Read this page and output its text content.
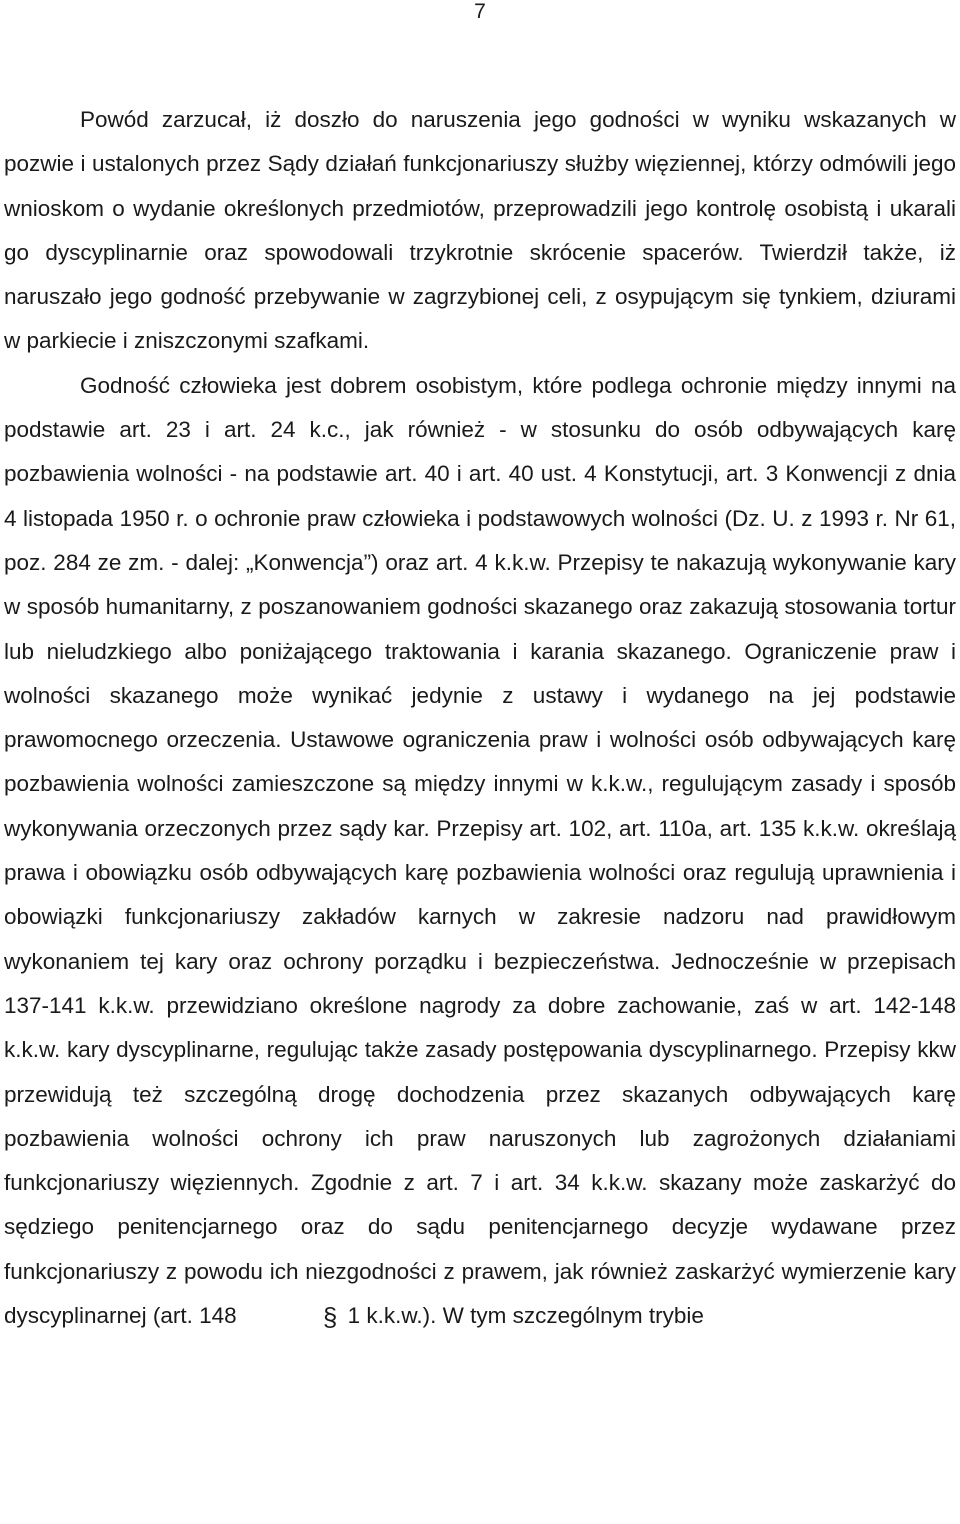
7

Powód zarzucał, iż doszło do naruszenia jego godności w wyniku wskazanych w pozwie i ustalonych przez Sądy działań funkcjonariuszy służby więziennej, którzy odmówili jego wnioskom o wydanie określonych przedmiotów, przeprowadzili jego kontrolę osobistą i ukarali go dyscyplinarnie oraz spowodowali trzykrotnie skrócenie spacerów. Twierdził także, iż naruszało jego godność przebywanie w zagrzybionej celi, z osypującym się tynkiem, dziurami w parkiecie i zniszczonymi szafkami.

Godność człowieka jest dobrem osobistym, które podlega ochronie między innymi na podstawie art. 23 i art. 24 k.c., jak również - w stosunku do osób odbywających karę pozbawienia wolności - na podstawie art. 40 i art. 40 ust. 4 Konstytucji, art. 3 Konwencji z dnia 4 listopada 1950 r. o ochronie praw człowieka i podstawowych wolności (Dz. U. z 1993 r. Nr 61, poz. 284 ze zm. - dalej: „Konwencja”) oraz art. 4 k.k.w. Przepisy te nakazują wykonywanie kary w sposób humanitarny, z poszanowaniem godności skazanego oraz zakazują stosowania tortur lub nieludzkiego albo poniżającego traktowania i karania skazanego. Ograniczenie praw i wolności skazanego może wynikać jedynie z ustawy i wydanego na jej podstawie prawomocnego orzeczenia. Ustawowe ograniczenia praw i wolności osób odbywających karę pozbawienia wolności zamieszczone są między innymi w k.k.w., regulującym zasady i sposób wykonywania orzeczonych przez sądy kar. Przepisy art. 102, art. 110a, art. 135 k.k.w. określają prawa i obowiązku osób odbywających karę pozbawienia wolności oraz regulują uprawnienia i obowiązki funkcjonariuszy zakładów karnych w zakresie nadzoru nad prawidłowym wykonaniem tej kary oraz ochrony porządku i bezpieczeństwa. Jednocześnie w przepisach 137-141 k.k.w. przewidziano określone nagrody za dobre zachowanie, zaś w art. 142-148 k.k.w. kary dyscyplinarne, regulując także zasady postępowania dyscyplinarnego. Przepisy kkw przewidują też szczególną drogę dochodzenia przez skazanych odbywających karę pozbawienia wolności ochrony ich praw naruszonych lub zagrożonych działaniami funkcjonariuszy więziennych. Zgodnie z art. 7 i art. 34 k.k.w. skazany może zaskarżyć do sędziego penitencjarnego oraz do sądu penitencjarnego decyzje wydawane przez funkcjonariuszy z powodu ich niezgodności z prawem, jak również zaskarżyć wymierzenie kary dyscyplinarnej (art. 148	§ 1 k.k.w.). W tym szczególnym trybie
